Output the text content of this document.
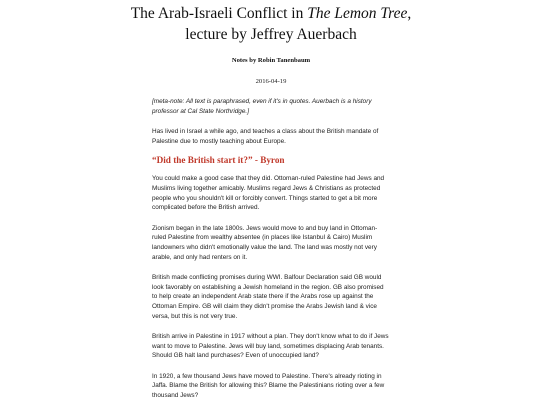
The Arab-Israeli Conflict in The Lemon Tree, lecture by Jeffrey Auerbach
Notes by Robin Tanenbaum
2016-04-19

[meta-note: All text is paraphrased, even if it's in quotes. Auerbach is a history professor at Cal State Northridge.]

Has lived in Israel a while ago, and teaches a class about the British mandate of Palestine due to mostly teaching about Europe.

“Did the British start it?” - Byron

You could make a good case that they did. Ottoman-ruled Palestine had Jews and Muslims living together amicably. Muslims regard Jews & Christians as protected people who you shouldn't kill or forcibly convert. Things started to get a bit more complicated before the British arrived.

Zionism began in the late 1800s. Jews would move to and buy land in Ottoman-ruled Palestine from wealthy absentee (in places like Istanbul & Cairo) Muslim landowners who didn't emotionally value the land. The land was mostly not very arable, and only had renters on it.

British made conflicting promises during WWI. Balfour Declaration said GB would look favorably on establishing a Jewish homeland in the region. GB also promised to help create an independent Arab state there if the Arabs rose up against the Ottoman Empire. GB will claim they didn't promise the Arabs Jewish land & vice versa, but this is not very true.

British arrive in Palestine in 1917 without a plan. They don't know what to do if Jews want to move to Palestine. Jews will buy land, sometimes displacing Arab tenants. Should GB halt land purchases? Even of unoccupied land?

In 1920, a few thousand Jews have moved to Palestine. There's already rioting in Jaffa. Blame the British for allowing this? Blame the Palestinians rioting over a few thousand Jews?
